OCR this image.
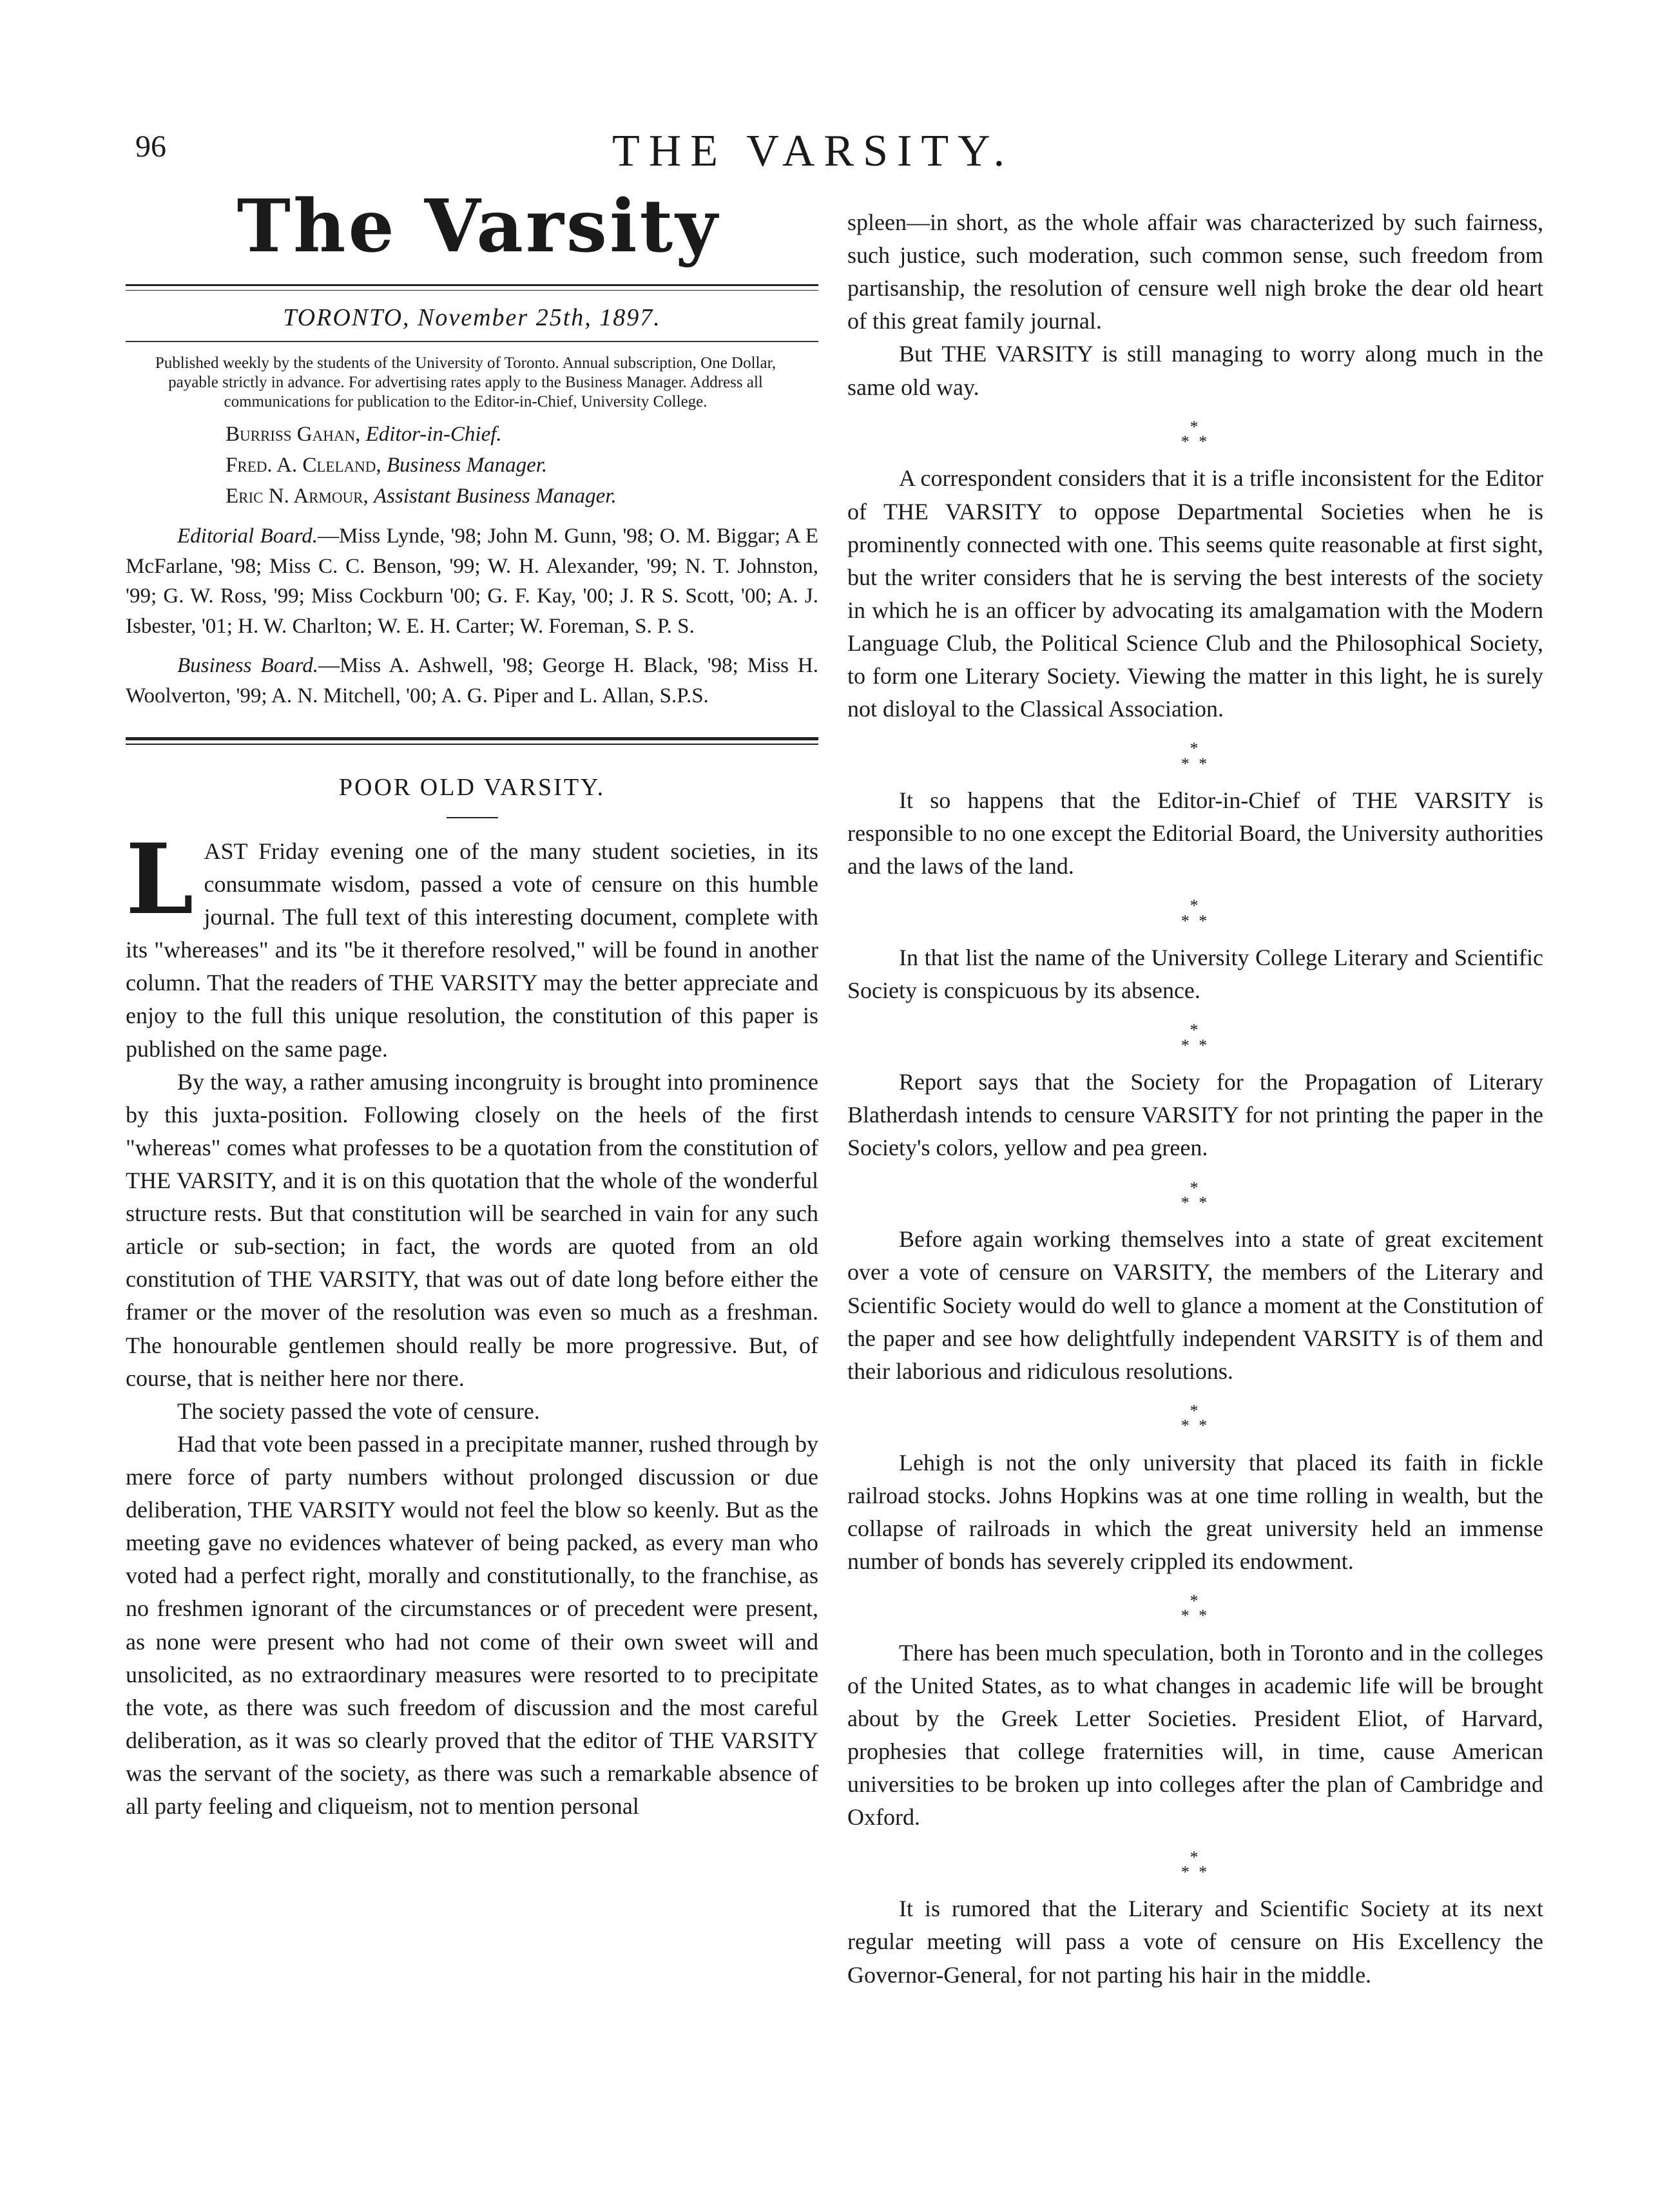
96	THE VARSITY.
The Varsity
TORONTO, November 25th, 1897.
Published weekly by the students of the University of Toronto. Annual subscription, One Dollar, payable strictly in advance. For advertising rates apply to the Business Manager. Address all communications for publication to the Editor-in-Chief, University College.
Burriss Gahan, Editor-in-Chief.
Fred. A. Cleland, Business Manager.
Eric N. Armour, Assistant Business Manager.

Editorial Board.—Miss Lynde, '98; John M. Gunn, '98; O. M. Biggar; A E McFarlane, '98; Miss C. C. Benson, '99; W. H. Alexander, '99; N. T. Johnston, '99; G. W. Ross, '99; Miss Cockburn '00; G. F. Kay, '00; J. R S. Scott, '00; A. J. Isbester, '01; H. W. Charlton; W. E. H. Carter; W. Foreman, S. P. S.

Business Board.—Miss A. Ashwell, '98; George H. Black, '98; Miss H. Woolverton, '99; A. N. Mitchell, '00; A. G. Piper and L. Allan, S.P.S.

POOR OLD VARSITY.

LAST Friday evening one of the many student societies, in its consummate wisdom, passed a vote of censure on this humble journal. The full text of this interesting document, complete with its "whereases" and its "be it therefore resolved," will be found in another column. That the readers of THE VARSITY may the better appreciate and enjoy to the full this unique resolution, the constitution of this paper is published on the same page.

By the way, a rather amusing incongruity is brought into prominence by this juxta-position. Following closely on the heels of the first "whereas" comes what professes to be a quotation from the constitution of THE VARSITY, and it is on this quotation that the whole of the wonderful structure rests. But that constitution will be searched in vain for any such article or sub-section; in fact, the words are quoted from an old constitution of THE VARSITY, that was out of date long before either the framer or the mover of the resolution was even so much as a freshman. The honourable gentlemen should really be more progressive. But, of course, that is neither here nor there.

The society passed the vote of censure.

Had that vote been passed in a precipitate manner, rushed through by mere force of party numbers without prolonged discussion or due deliberation, THE VARSITY would not feel the blow so keenly. But as the meeting gave no evidences whatever of being packed, as every man who voted had a perfect right, morally and constitutionally, to the franchise, as no freshmen ignorant of the circumstances or of precedent were present, as none were present who had not come of their own sweet will and unsolicited, as no extraordinary measures were resorted to to precipitate the vote, as there was such freedom of discussion and the most careful deliberation, as it was so clearly proved that the editor of THE VARSITY was the servant of the society, as there was such a remarkable absence of all party feeling and cliqueism, not to mention personal

spleen—in short, as the whole affair was characterized by such fairness, such justice, such moderation, such common sense, such freedom from partisanship, the resolution of censure well nigh broke the dear old heart of this great family journal.

But THE VARSITY is still managing to worry along much in the same old way.

*
* *

A correspondent considers that it is a trifle inconsistent for the Editor of THE VARSITY to oppose Departmental Societies when he is prominently connected with one. This seems quite reasonable at first sight, but the writer considers that he is serving the best interests of the society in which he is an officer by advocating its amalgamation with the Modern Language Club, the Political Science Club and the Philosophical Society, to form one Literary Society. Viewing the matter in this light, he is surely not disloyal to the Classical Association.

*
* *

It so happens that the Editor-in-Chief of THE VARSITY is responsible to no one except the Editorial Board, the University authorities and the laws of the land.

*
* *

In that list the name of the University College Literary and Scientific Society is conspicuous by its absence.

*
* *

Report says that the Society for the Propagation of Literary Blatherdash intends to censure VARSITY for not printing the paper in the Society's colors, yellow and pea green.

*
* *

Before again working themselves into a state of great excitement over a vote of censure on VARSITY, the members of the Literary and Scientific Society would do well to glance a moment at the Constitution of the paper and see how delightfully independent VARSITY is of them and their laborious and ridiculous resolutions.

*
* *

Lehigh is not the only university that placed its faith in fickle railroad stocks. Johns Hopkins was at one time rolling in wealth, but the collapse of railroads in which the great university held an immense number of bonds has severely crippled its endowment.

*
* *

There has been much speculation, both in Toronto and in the colleges of the United States, as to what changes in academic life will be brought about by the Greek Letter Societies. President Eliot, of Harvard, prophesies that college fraternities will, in time, cause American universities to be broken up into colleges after the plan of Cambridge and Oxford.

*
* *

It is rumored that the Literary and Scientific Society at its next regular meeting will pass a vote of censure on His Excellency the Governor-General, for not parting his hair in the middle.
